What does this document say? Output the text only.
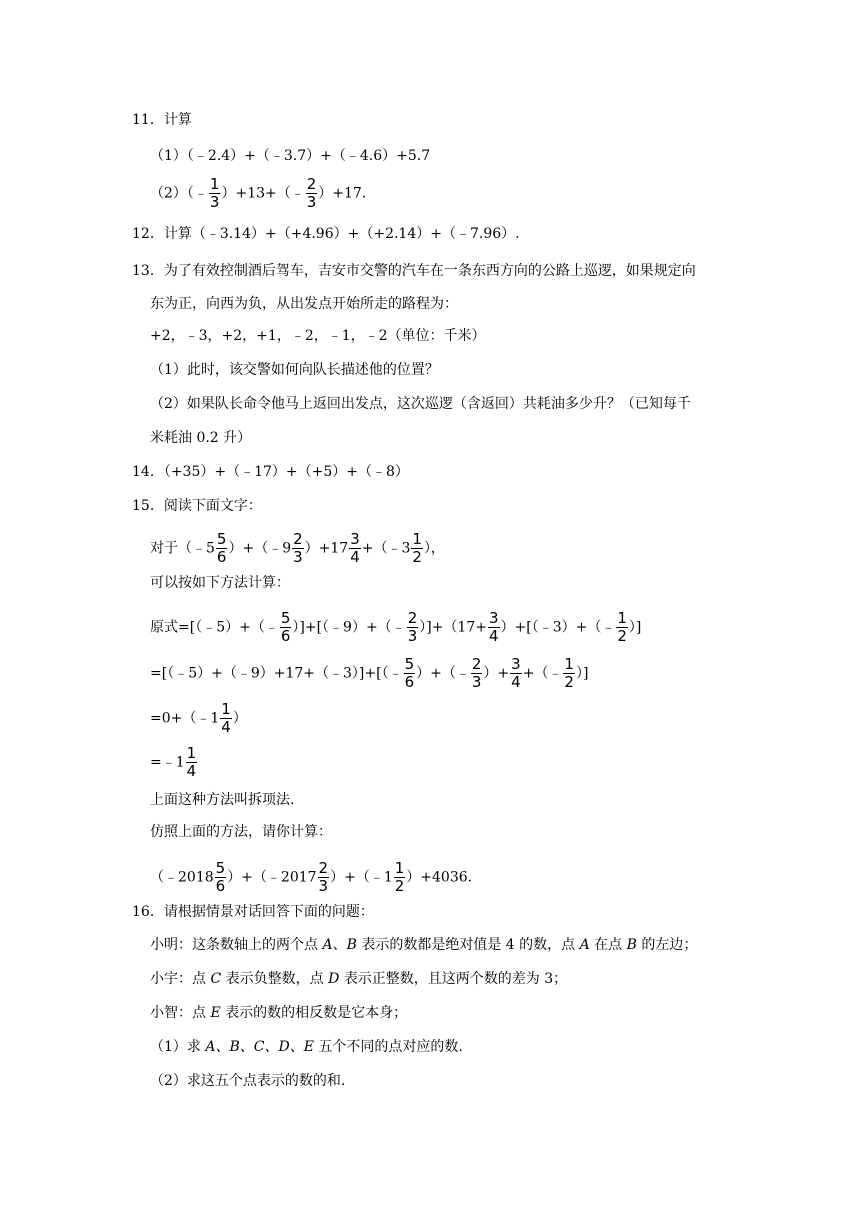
11．计算
（1）（﹣2.4）+（﹣3.7）+（﹣4.6）+5.7
（2）（﹣ $\frac{1}{3}$ ）+13+（﹣ $\frac{2}{3} )+17$.
12．计算（﹣3.14）+（+4.96）+（+2.14）+（﹣7.96）.
13．为了有效控制酒后驾车，吉安市交警的汽车在一条东西方向的公路上巡逻，如果规定向
东为正，向西为负，从出发点开始所走的路程为：
+2，﹣3，+2，+1，﹣2，﹣1，﹣2（单位：千米）
（1）此时，该交警如何向队长描述他的位置？
（2）如果队长命令他马上返回出发点，这次巡逻（含返回）共耗油多少升？（已知每千
米耗油 0.2 升）
14．（+35）+（﹣17）+（+5）+（﹣8）
15．阅读下面文字：
对于（﹣5 $\frac{5}{6}$ ）+（﹣9 $\frac{2}{3} )+17 \frac{3}{4}$ +（﹣3 $\frac{1}{2}$ ），
可以按如下方法计算：
原式=[（﹣5）+（﹣ $\frac{5}{6}$ ）]+[（﹣9）+（﹣ $\frac{2}{3} )]+(17+ \frac{3}{4}$ ）+[（﹣3）+（﹣ $\frac{1}{2}$ ）]
=[（﹣5）+（﹣9）+17+（﹣3）]+[（﹣ $\frac{5}{6}$ ）+（﹣ $\frac{2}{3}$ ）+ $\frac{3}{4}$ +（﹣ $\frac{1}{2}$ ）]
=0+（﹣1 $\frac{1}{4}$ ）
=﹣1 $\frac{1}{4}$
上面这种方法叫拆项法.
仿照上面的方法，请你计算：
（﹣2018 $\frac{5}{6}$ ）+（﹣2017 $\frac{2}{3}$ ）+（﹣1 $\frac{1}{2} )+4036$.
16．请根据情景对话回答下面的问题：
小明：这条数轴上的两个点 A、B 表示的数都是绝对值是 4 的数，点 A 在点 B 的左边；
小宇：点 C 表示负整数，点 D 表示正整数，且这两个数的差为 3；
小智：点 E 表示的数的相反数是它本身；
（1）求 A、B、C、D、E 五个不同的点对应的数.
（2）求这五个点表示的数的和.
